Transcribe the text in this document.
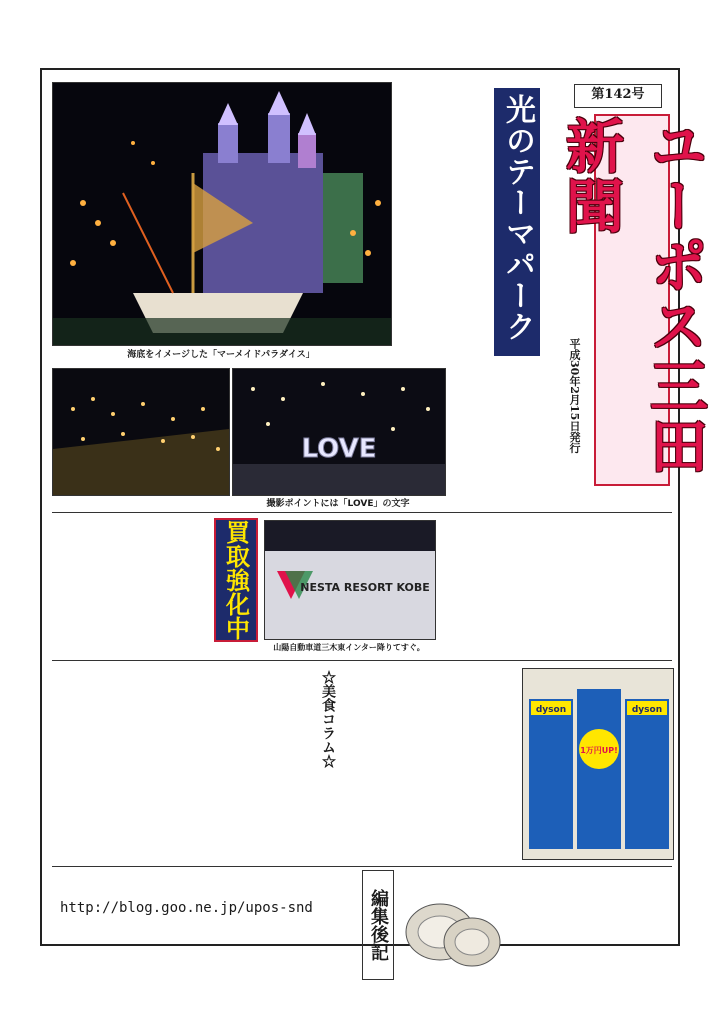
海底をイメージした「マーメイドパラダイス」
光のテーマパーク	第142号
ユーポス三田新聞
平成30年2月15日発行
LOVE
撮影ポイントには「LOVE」の文字
買取強化中	NESTA RESORT KOBE
山陽自動車道三木東インター降りてすぐ。
dyson	dyson
1万円UP!
☆美食コラム☆
編集後記
http://blog.goo.ne.jp/upos-snd
